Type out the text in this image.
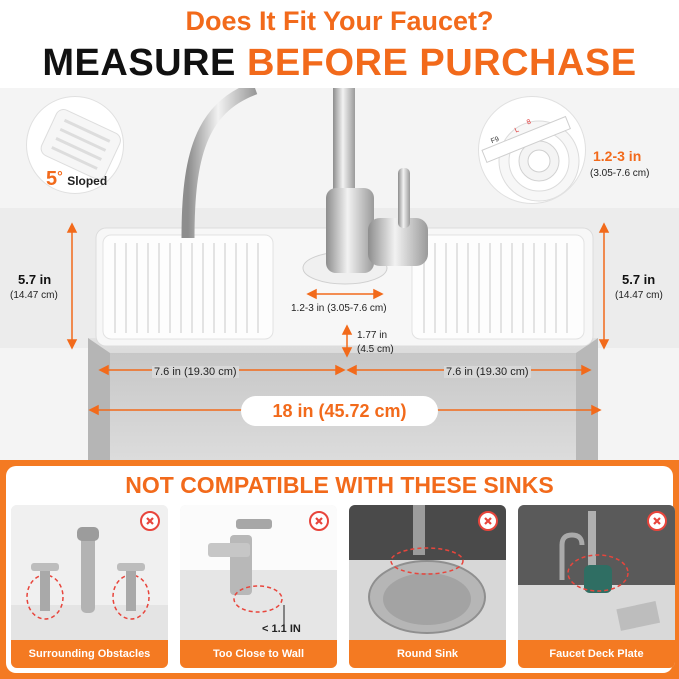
Does It Fit Your Faucet?
MEASURE BEFORE PURCHASE
5° Sloped
F9
L
8
1.2-3 in
(3.05-7.6 cm)
5.7 in
(14.47 cm)
5.7 in
(14.47 cm)
1.2-3 in (3.05-7.6 cm)
1.77 in
(4.5 cm)
7.6 in (19.30 cm)	7.6 in (19.30 cm)
18 in (45.72 cm)
NOT COMPATIBLE WITH THESE SINKS
Surrounding Obstacles
< 1.1 IN
Too Close to Wall	Round Sink	Faucet Deck Plate
